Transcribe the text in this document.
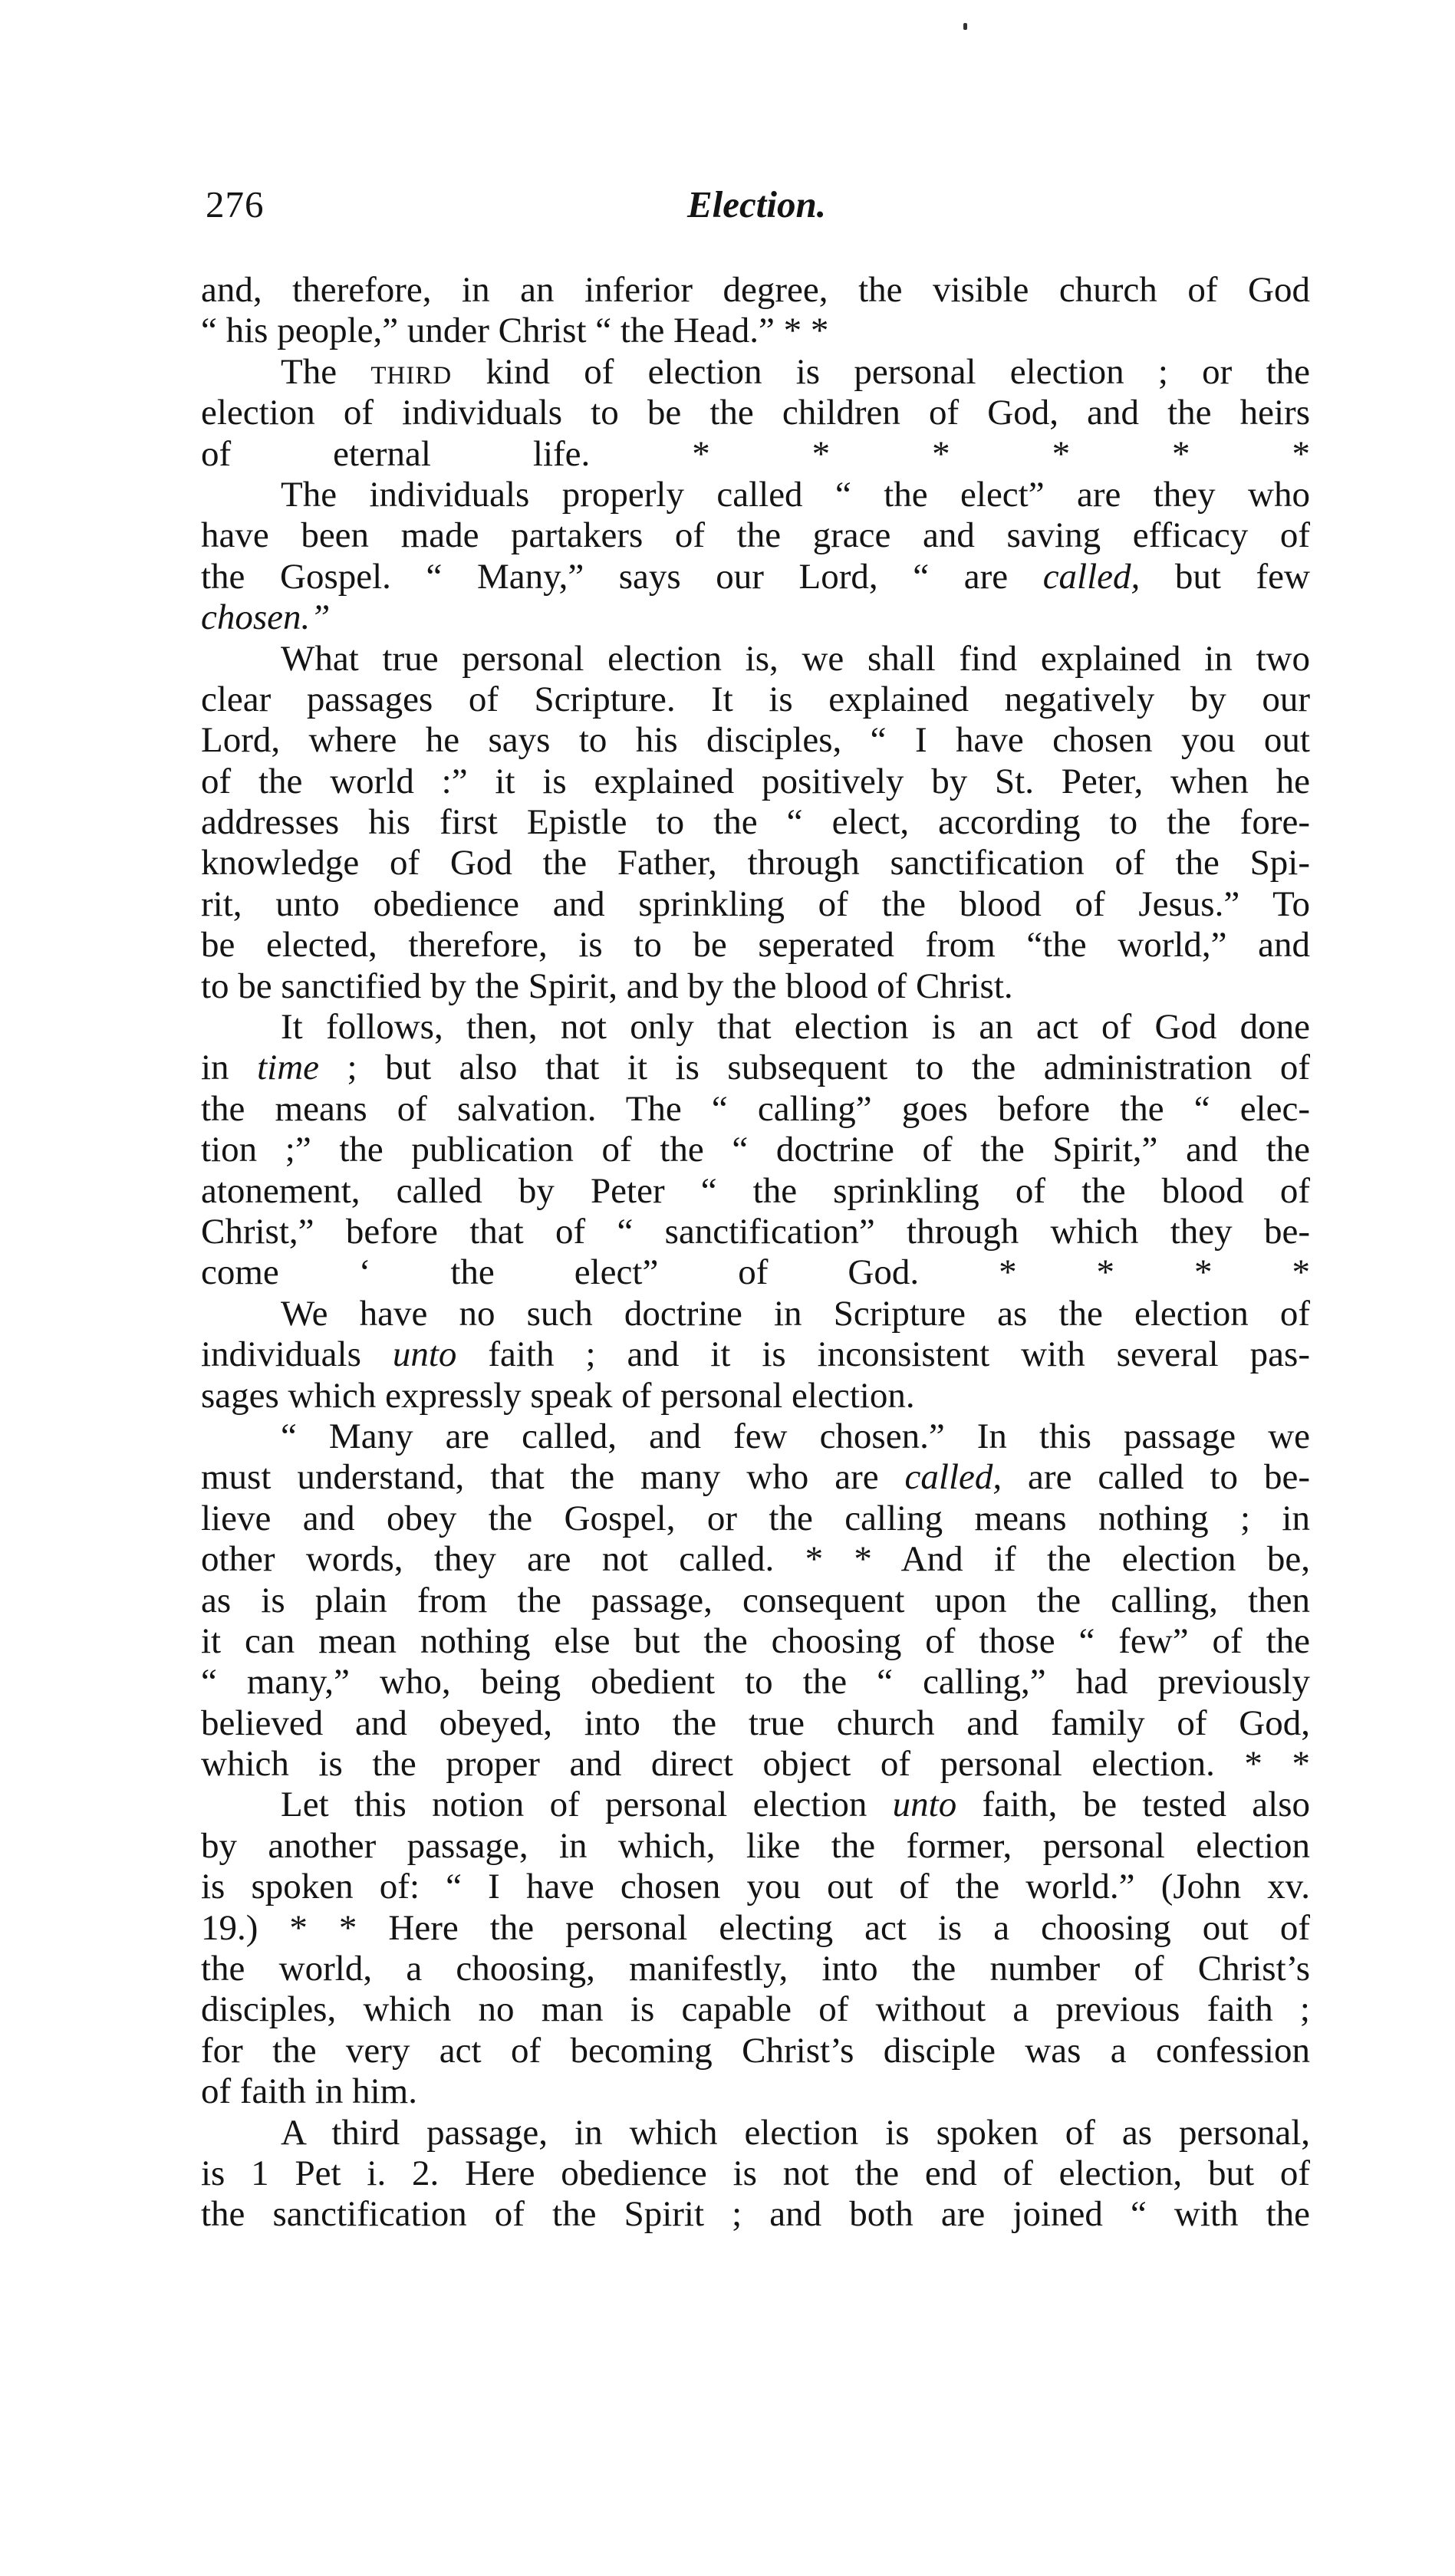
276	Election.
and, therefore, in an inferior degree, the visible church of God
“ his people,” under Christ “ the Head.” * *
The third kind of election is personal election ; or the
election of individuals to be the children of God, and the heirs
of eternal life. * * * * * *
The individuals properly called “ the elect” are they who
have been made partakers of the grace and saving efficacy of
the Gospel. “ Many,” says our Lord, “ are called, but few
chosen.”
What true personal election is, we shall find explained in two
clear passages of Scripture. It is explained negatively by our
Lord, where he says to his disciples, “ I have chosen you out
of the world :” it is explained positively by St. Peter, when he
addresses his first Epistle to the “ elect, according to the fore-
knowledge of God the Father, through sanctification of the Spi-
rit, unto obedience and sprinkling of the blood of Jesus.” To
be elected, therefore, is to be seperated from “the world,” and
to be sanctified by the Spirit, and by the blood of Christ.
It follows, then, not only that election is an act of God done
in time ; but also that it is subsequent to the administration of
the means of salvation. The “ calling” goes before the “ elec-
tion ;” the publication of the “ doctrine of the Spirit,” and the
atonement, called by Peter “ the sprinkling of the blood of
Christ,” before that of “ sanctification” through which they be-
come ‘ the elect” of God. * * * *
We have no such doctrine in Scripture as the election of
individuals unto faith ; and it is inconsistent with several pas-
sages which expressly speak of personal election.
“ Many are called, and few chosen.” In this passage we
must understand, that the many who are called, are called to be-
lieve and obey the Gospel, or the calling means nothing ; in
other words, they are not called. * * And if the election be,
as is plain from the passage, consequent upon the calling, then
it can mean nothing else but the choosing of those “ few” of the
“ many,” who, being obedient to the “ calling,” had previously
believed and obeyed, into the true church and family of God,
which is the proper and direct object of personal election. * *
Let this notion of personal election unto faith, be tested also
by another passage, in which, like the former, personal election
is spoken of: “ I have chosen you out of the world.” (John xv.
19.) * * Here the personal electing act is a choosing out of
the world, a choosing, manifestly, into the number of Christ’s
disciples, which no man is capable of without a previous faith ;
for the very act of becoming Christ’s disciple was a confession
of faith in him.
A third passage, in which election is spoken of as personal,
is 1 Pet i. 2. Here obedience is not the end of election, but of
the sanctification of the Spirit ; and both are joined “ with the
